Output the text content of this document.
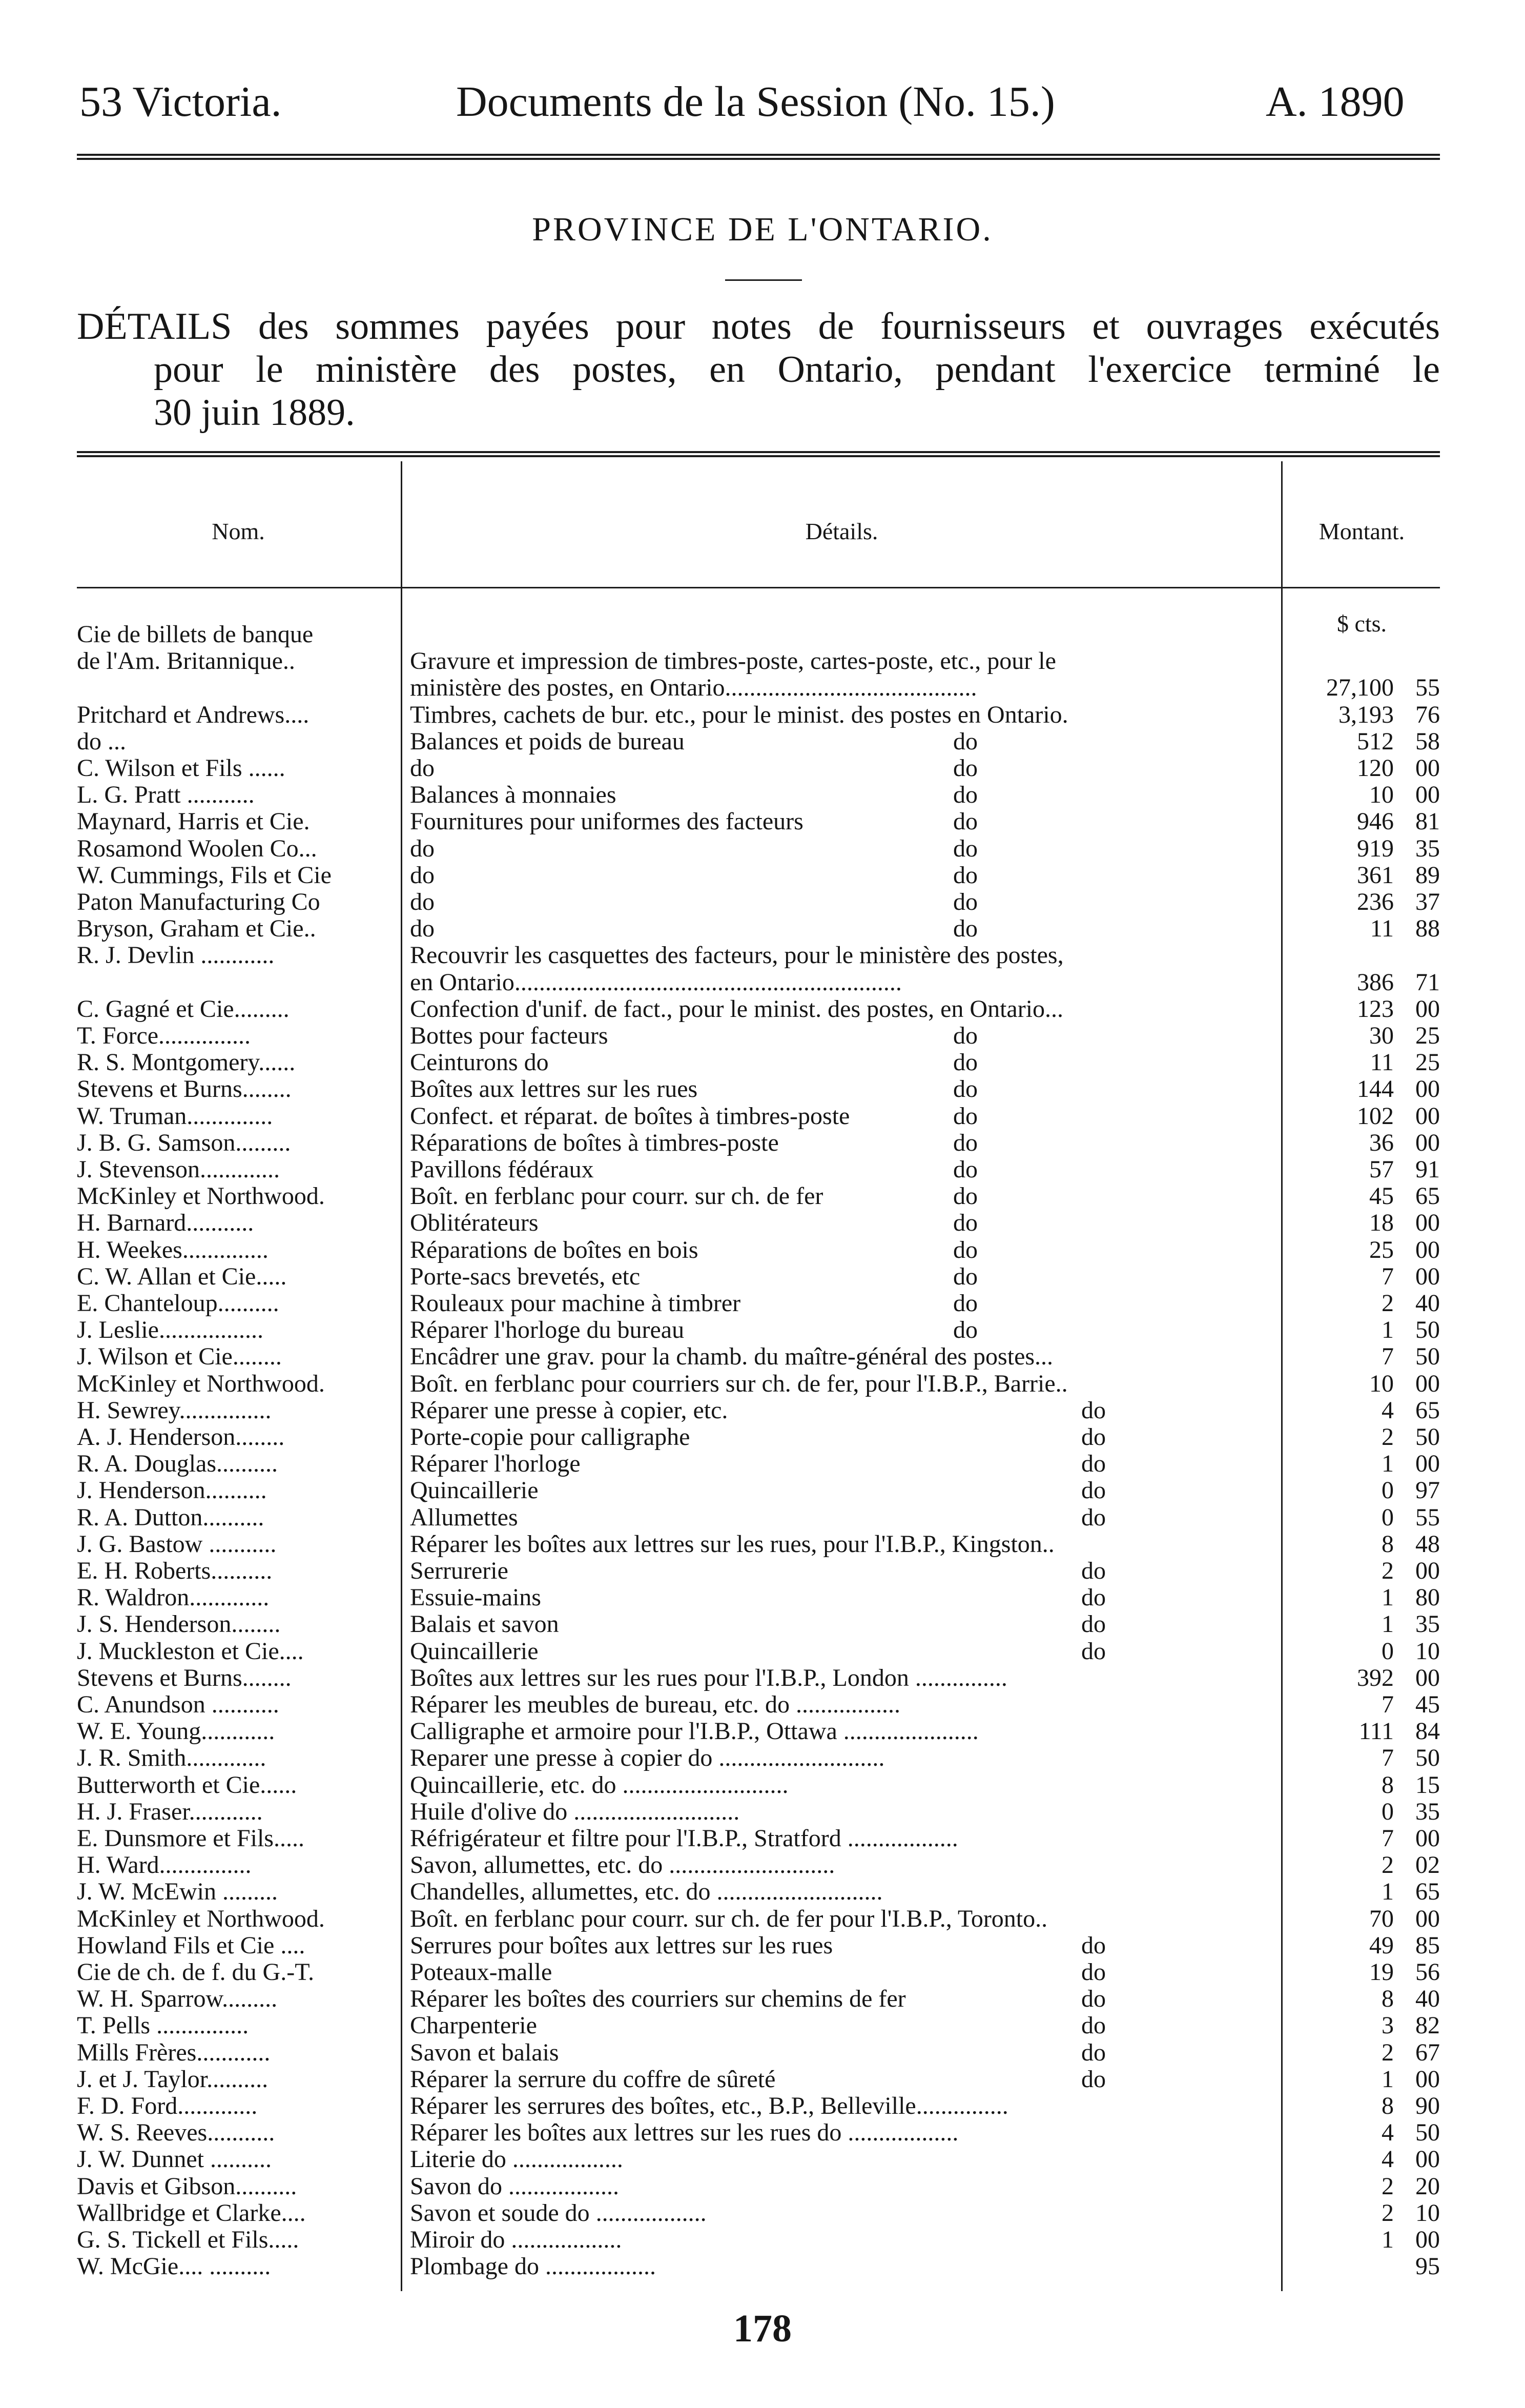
53 Victoria.	Documents de la Session (No. 15.)	A. 1890
PROVINCE DE L'ONTARIO.
DÉTAILS des sommes payées pour notes de fournisseurs et ouvrages exécutés
pour le ministère des postes, en Ontario, pendant l'exercice terminé le
30 juin 1889.
Nom.	Détails.	Montant.
$ cts.
Cie de billets de banque
de l'Am. Britannique..	Gravure et impression de timbres-poste, cartes-poste, etc., pour le
ministère des postes, en Ontario.........................................	27,100 55
Pritchard et Andrews....	Timbres, cachets de bur. etc., pour le minist. des postes en Ontario.	3,193 76
do ...	Balances et poids de bureau	do	512 58
C. Wilson et Fils ......	do	do	120 00
L. G. Pratt ...........	Balances à monnaies	do	10 00
Maynard, Harris et Cie.	Fournitures pour uniformes des facteurs	do	946 81
Rosamond Woolen Co...	do	do	919 35
W. Cummings, Fils et Cie	do	do	361 89
Paton Manufacturing Co	do	do	236 37
Bryson, Graham et Cie..	do	do	11 88
R. J. Devlin ............	Recouvrir les casquettes des facteurs, pour le ministère des postes,
en Ontario...............................................................	386 71
C. Gagné et Cie.........	Confection d'unif. de fact., pour le minist. des postes, en Ontario...	123 00
T. Force...............	Bottes pour facteurs	do	30 25
R. S. Montgomery......	Ceinturons do	do	11 25
Stevens et Burns........	Boîtes aux lettres sur les rues	do	144 00
W. Truman..............	Confect. et réparat. de boîtes à timbres-poste	do	102 00
J. B. G. Samson.........	Réparations de boîtes à timbres-poste	do	36 00
J. Stevenson.............	Pavillons fédéraux	do	57 91
McKinley et Northwood.	Boît. en ferblanc pour courr. sur ch. de fer	do	45 65
H. Barnard...........	Oblitérateurs	do	18 00
H. Weekes..............	Réparations de boîtes en bois	do	25 00
C. W. Allan et Cie.....	Porte-sacs brevetés, etc	do	7 00
E. Chanteloup..........	Rouleaux pour machine à timbrer	do	2 40
J. Leslie.................	Réparer l'horloge du bureau	do	1 50
J. Wilson et Cie........	Encâdrer une grav. pour la chamb. du maître-général des postes...	7 50
McKinley et Northwood.	Boît. en ferblanc pour courriers sur ch. de fer, pour l'I.B.P., Barrie..	10 00
H. Sewrey...............	Réparer une presse à copier, etc.	do	4 65
A. J. Henderson........	Porte-copie pour calligraphe	do	2 50
R. A. Douglas..........	Réparer l'horloge	do	1 00
J. Henderson..........	Quincaillerie	do	0 97
R. A. Dutton..........	Allumettes	do	0 55
J. G. Bastow ...........	Réparer les boîtes aux lettres sur les rues, pour l'I.B.P., Kingston..	8 48
E. H. Roberts..........	Serrurerie	do	2 00
R. Waldron.............	Essuie-mains	do	1 80
J. S. Henderson........	Balais et savon	do	1 35
J. Muckleston et Cie....	Quincaillerie	do	0 10
Stevens et Burns........	Boîtes aux lettres sur les rues pour l'I.B.P., London ...............	392 00
C. Anundson ...........	Réparer les meubles de bureau, etc. do .................	7 45
W. E. Young............	Calligraphe et armoire pour l'I.B.P., Ottawa ......................	111 84
J. R. Smith.............	Reparer une presse à copier do ...........................	7 50
Butterworth et Cie......	Quincaillerie, etc. do ...........................	8 15
H. J. Fraser............	Huile d'olive do ...........................	0 35
E. Dunsmore et Fils.....	Réfrigérateur et filtre pour l'I.B.P., Stratford ..................	7 00
H. Ward...............	Savon, allumettes, etc. do ...........................	2 02
J. W. McEwin .........	Chandelles, allumettes, etc. do ...........................	1 65
McKinley et Northwood.	Boît. en ferblanc pour courr. sur ch. de fer pour l'I.B.P., Toronto..	70 00
Howland Fils et Cie ....	Serrures pour boîtes aux lettres sur les rues	do	49 85
Cie de ch. de f. du G.-T.	Poteaux-malle	do	19 56
W. H. Sparrow.........	Réparer les boîtes des courriers sur chemins de fer	do	8 40
T. Pells ...............	Charpenterie	do	3 82
Mills Frères............	Savon et balais	do	2 67
J. et J. Taylor..........	Réparer la serrure du coffre de sûreté	do	1 00
F. D. Ford.............	Réparer les serrures des boîtes, etc., B.P., Belleville...............	8 90
W. S. Reeves...........	Réparer les boîtes aux lettres sur les rues do ..................	4 50
J. W. Dunnet ..........	Literie do ..................	4 00
Davis et Gibson..........	Savon do ..................	2 20
Wallbridge et Clarke....	Savon et soude do ..................	2 10
G. S. Tickell et Fils.....	Miroir do ..................	1 00
W. McGie.... ..........	Plombage do ..................	95
178
